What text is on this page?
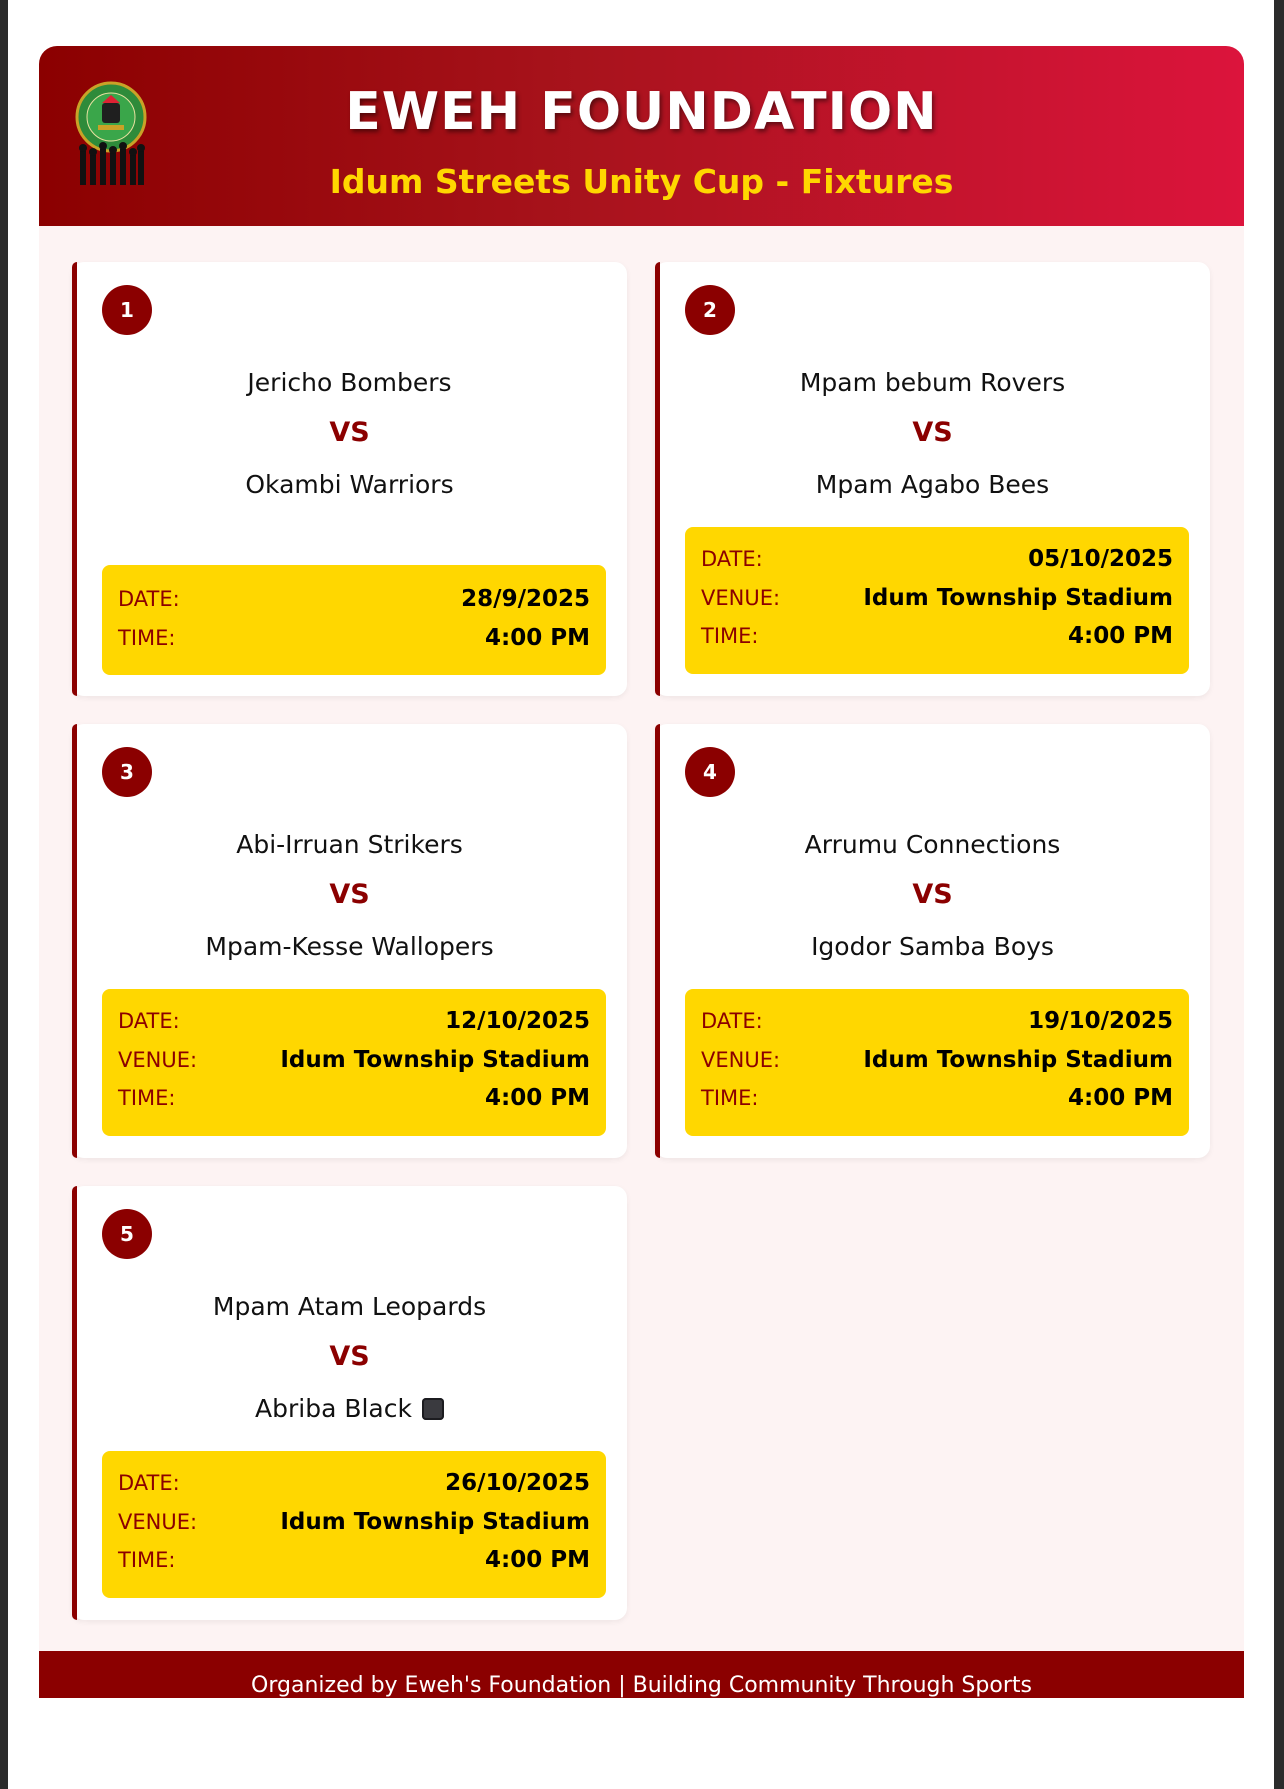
EWEH FOUNDATION
Idum Streets Unity Cup - Fixtures
1
Jericho Bombers
VS
Okambi Warriors
DATE:	28/9/2025
TIME:	4:00 PM
2
Mpam bebum Rovers
VS
Mpam Agabo Bees
DATE:	05/10/2025
VENUE:	Idum Township Stadium
TIME:	4:00 PM
3
Abi-Irruan Strikers
VS
Mpam-Kesse Wallopers
DATE:	12/10/2025
VENUE:	Idum Township Stadium
TIME:	4:00 PM
4
Arrumu Connections
VS
Igodor Samba Boys
DATE:	19/10/2025
VENUE:	Idum Township Stadium
TIME:	4:00 PM
5
Mpam Atam Leopards
VS
Abriba Black
DATE:	26/10/2025
VENUE:	Idum Township Stadium
TIME:	4:00 PM
Organized by Eweh's Foundation | Building Community Through Sports
